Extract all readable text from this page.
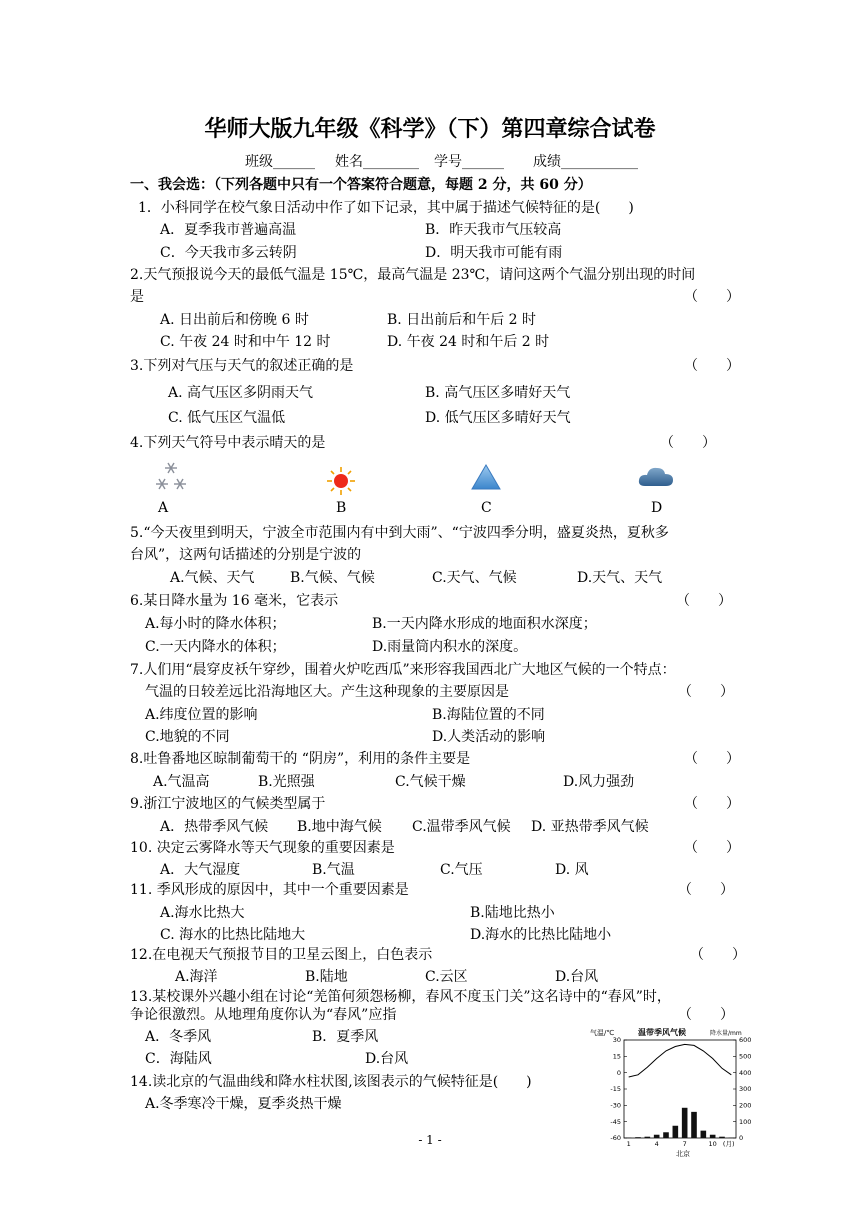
华师大版九年级《科学》（下）第四章综合试卷
班级______ 姓名________ 学号______ 成绩___________
一、我会选：（下列各题中只有一个答案符合题意，每题 2 分，共 60 分）
1．小科同学在校气象日活动中作了如下记录，其中属于描述气候特征的是(　　)
A．夏季我市普遍高温	B．昨天我市气压较高
C．今天我市多云转阴	D．明天我市可能有雨
2.天气预报说今天的最低气温是 15℃，最高气温是 23℃，请问这两个气温分别出现的时间
是	（　　）
A. 日出前后和傍晚 6 时	B. 日出前后和午后 2 时
C. 午夜 24 时和中午 12 时	D. 午夜 24 时和午后 2 时
3.下列对气压与天气的叙述正确的是	（　　）
A. 高气压区多阴雨天气	B. 高气压区多晴好天气
C. 低气压区气温低	D. 低气压区多晴好天气
4.下列天气符号中表示晴天的是	（　　）
A	B	C	D
5.“今天夜里到明天，宁波全市范围内有中到大雨”、“宁波四季分明，盛夏炎热，夏秋多
台风”，这两句话描述的分别是宁波的
A.气候、天气	B.气候、气候	C.天气、气候	D.天气、天气
6.某日降水量为 16 毫米，它表示	（　　）
A.每小时的降水体积；	B.一天内降水形成的地面积水深度；
C.一天内降水的体积；	D.雨量筒内积水的深度。
7.人们用“晨穿皮袄午穿纱，围着火炉吃西瓜”来形容我国西北广大地区气候的一个特点：
气温的日较差远比沿海地区大。产生这种现象的主要原因是	（　　）
A.纬度位置的影响	B.海陆位置的不同
C.地貌的不同	D.人类活动的影响
8.吐鲁番地区晾制葡萄干的 “阴房”，利用的条件主要是	（　　）
A.气温高	B.光照强	C.气候干燥	D.风力强劲
9.浙江宁波地区的气候类型属于	（　　）
A．热带季风气候 B.地中海气候 C.温带季风气候 D. 亚热带季风气候
10. 决定云雾降水等天气现象的重要因素是	（　　）
A．大气湿度	B.气温	C.气压	D. 风
11. 季风形成的原因中，其中一个重要因素是	（　　）
A.海水比热大	B.陆地比热小
C. 海水的比热比陆地大	D.海水的比热比陆地小
12.在电视天气预报节目的卫星云图上，白色表示	（　　）
A.海洋	B.陆地	C.云区	D.台风
13.某校课外兴趣小组在讨论“羌笛何须怨杨柳，春风不度玉门关”这名诗中的“春风”时，
争论很激烈。从地理角度你认为“春风”应指	（　　）
A．冬季风	B．夏季风
C．海陆风	D.台风
14.读北京的气温曲线和降水柱状图,该图表示的气候特征是(　　)
A.冬季寒冷干燥，夏季炎热干燥
气温/℃	温带季风气候	降水量/mm
30
15
0
-15
-30
-45
-60
600
500
400
300
200
100
0
1	4	7	10 (月)
北京
- 1 -
